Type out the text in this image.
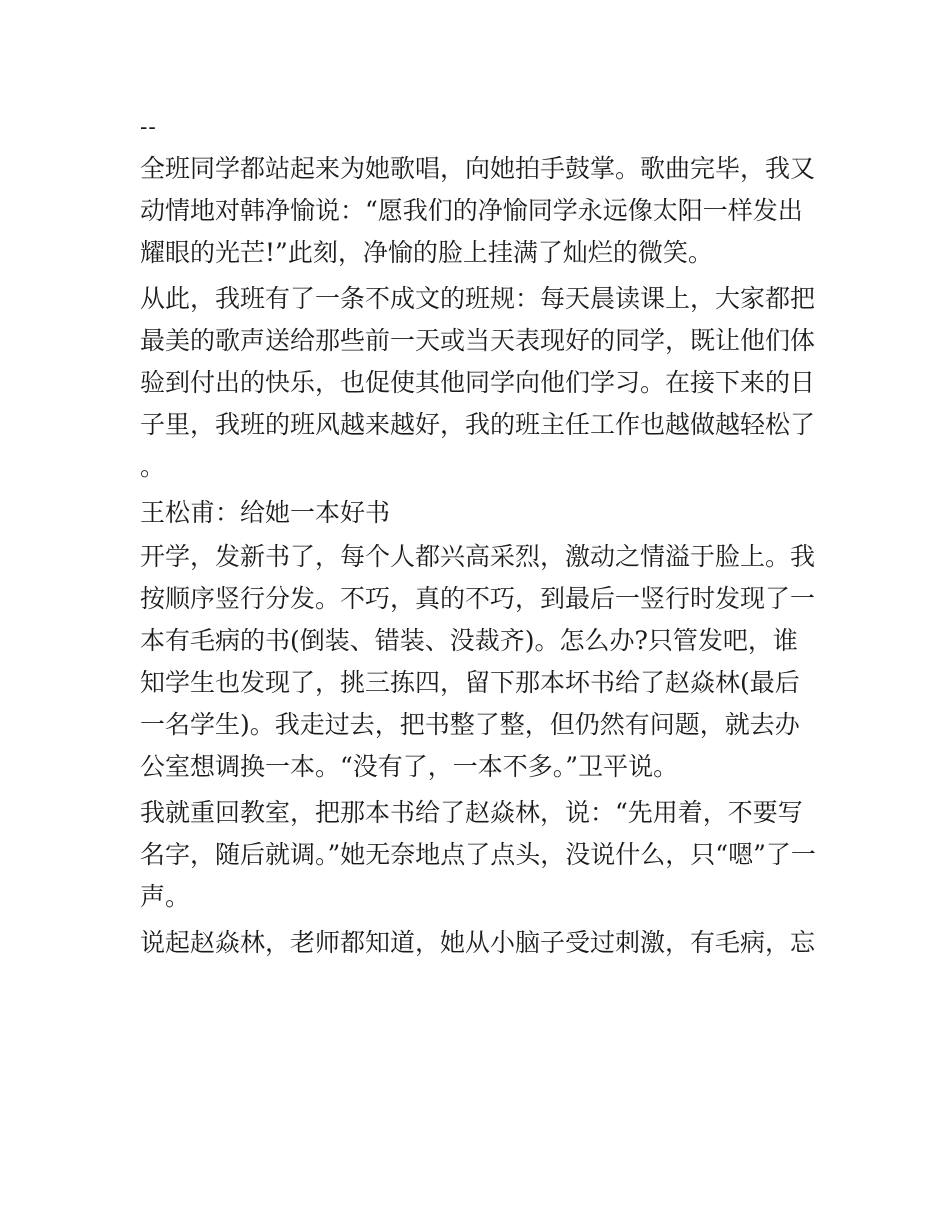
--

全班同学都站起来为她歌唱，向她拍手鼓掌。歌曲完毕，我又动情地对韩净愉说：“愿我们的净愉同学永远像太阳一样发出耀眼的光芒!”此刻，净愉的脸上挂满了灿烂的微笑。

从此，我班有了一条不成文的班规：每天晨读课上，大家都把最美的歌声送给那些前一天或当天表现好的同学，既让他们体验到付出的快乐，也促使其他同学向他们学习。在接下来的日子里，我班的班风越来越好，我的班主任工作也越做越轻松了。

王松甫：给她一本好书

开学，发新书了，每个人都兴高采烈，激动之情溢于脸上。我按顺序竖行分发。不巧，真的不巧，到最后一竖行时发现了一本有毛病的书(倒装、错装、没裁齐)。怎么办?只管发吧，谁知学生也发现了，挑三拣四，留下那本坏书给了赵焱林(最后一名学生)。我走过去，把书整了整，但仍然有问题，就去办公室想调换一本。“没有了，一本不多。”卫平说。

我就重回教室，把那本书给了赵焱林，说：“先用着，不要写名字，随后就调。”她无奈地点了点头，没说什么，只“嗯”了一声。

说起赵焱林，老师都知道，她从小脑子受过刺激，有毛病，忘
